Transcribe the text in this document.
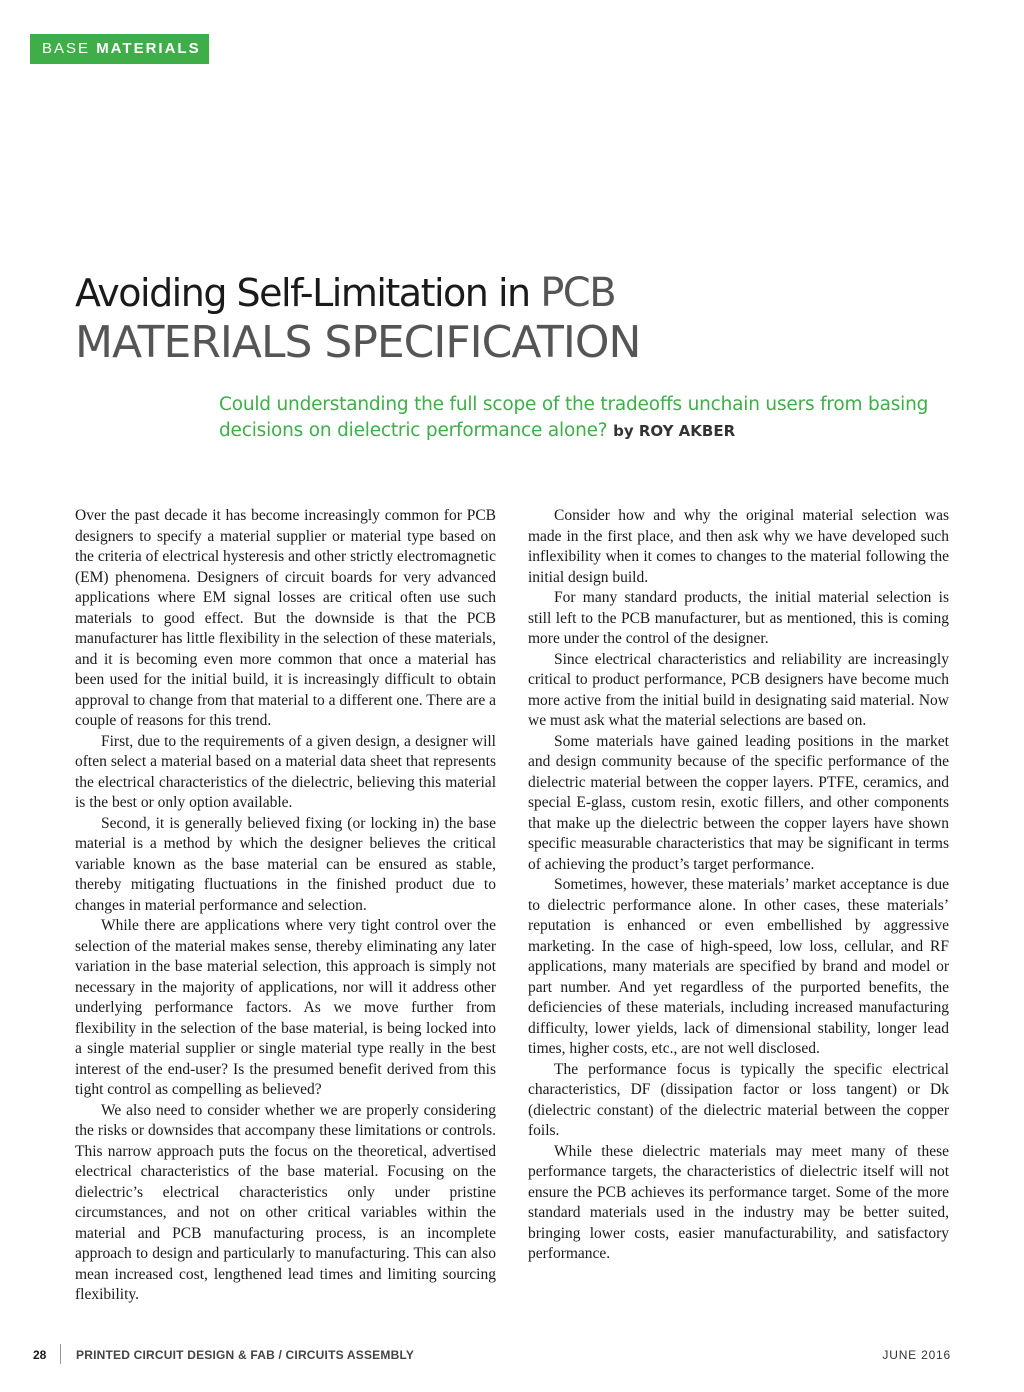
BASE MATERIALS
Avoiding Self-Limitation in PCB
MATERIALS SPECIFICATION
Could understanding the full scope of the tradeoffs unchain users from basing decisions on dielectric performance alone? by ROY AKBER

Over the past decade it has become increasingly common for PCB designers to specify a material supplier or material type based on the criteria of electrical hysteresis and other strictly electromagnetic (EM) phenomena. Designers of circuit boards for very advanced applications where EM signal losses are critical often use such materials to good effect. But the downside is that the PCB manufacturer has little flexibility in the selection of these materials, and it is becoming even more common that once a material has been used for the initial build, it is increasingly difficult to obtain approval to change from that material to a different one. There are a couple of reasons for this trend.

First, due to the requirements of a given design, a designer will often select a material based on a material data sheet that represents the electrical characteristics of the dielectric, believing this material is the best or only option available.

Second, it is generally believed fixing (or locking in) the base material is a method by which the designer believes the critical variable known as the base material can be ensured as stable, thereby mitigating fluctuations in the finished product due to changes in material performance and selection.

While there are applications where very tight control over the selection of the material makes sense, thereby eliminating any later variation in the base material selection, this approach is simply not necessary in the majority of applications, nor will it address other underlying performance factors. As we move further from flexibility in the selection of the base material, is being locked into a single material supplier or single material type really in the best interest of the end-user? Is the presumed benefit derived from this tight control as compelling as believed?

We also need to consider whether we are properly considering the risks or downsides that accompany these limitations or controls. This narrow approach puts the focus on the theoretical, advertised electrical characteristics of the base material. Focusing on the dielectric’s electrical characteristics only under pristine circumstances, and not on other critical variables within the material and PCB manufacturing process, is an incomplete approach to design and particularly to manufacturing. This can also mean increased cost, lengthened lead times and limiting sourcing flexibility.

Consider how and why the original material selection was made in the first place, and then ask why we have developed such inflexibility when it comes to changes to the material following the initial design build.

For many standard products, the initial material selection is still left to the PCB manufacturer, but as mentioned, this is coming more under the control of the designer.

Since electrical characteristics and reliability are increasingly critical to product performance, PCB designers have become much more active from the initial build in designating said material. Now we must ask what the material selections are based on.

Some materials have gained leading positions in the market and design community because of the specific performance of the dielectric material between the copper layers. PTFE, ceramics, and special E-glass, custom resin, exotic fillers, and other components that make up the dielectric between the copper layers have shown specific measurable characteristics that may be significant in terms of achieving the product’s target performance.

Sometimes, however, these materials’ market acceptance is due to dielectric performance alone. In other cases, these materials’ reputation is enhanced or even embellished by aggressive marketing. In the case of high-speed, low loss, cellular, and RF applications, many materials are specified by brand and model or part number. And yet regardless of the purported benefits, the deficiencies of these materials, including increased manufacturing difficulty, lower yields, lack of dimensional stability, longer lead times, higher costs, etc., are not well disclosed.

The performance focus is typically the specific electrical characteristics, DF (dissipation factor or loss tangent) or Dk (dielectric constant) of the dielectric material between the copper foils.

While these dielectric materials may meet many of these performance targets, the characteristics of dielectric itself will not ensure the PCB achieves its performance target. Some of the more standard materials used in the industry may be better suited, bringing lower costs, easier manufacturability, and satisfactory performance.

28 PRINTED CIRCUIT DESIGN & FAB / CIRCUITS ASSEMBLY	JUNE 2016
